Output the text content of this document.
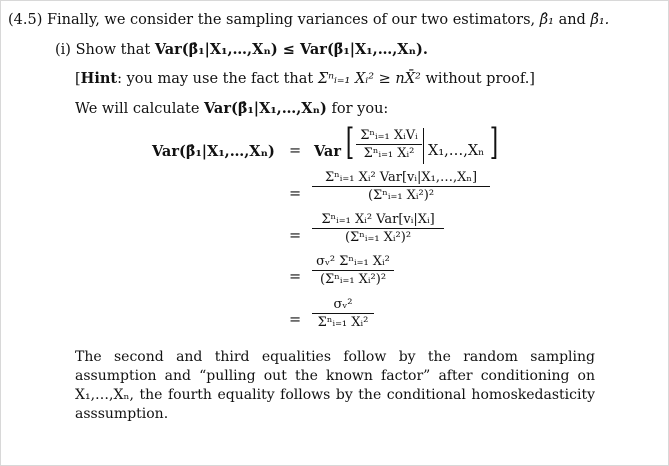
(4.5) Finally, we consider the sampling variances of our two estimators, β̂₁ and β̄₁.
(i) Show that Var(β̂₁|X₁,…,Xₙ) ≤ Var(β̄₁|X₁,…,Xₙ).
[Hint: you may use the fact that Σⁿᵢ₌₁ Xᵢ² ≥ nX̄² without proof.]
We will calculate Var(β̂₁|X₁,…,Xₙ) for you:
Var(β̂₁|X₁,…,Xₙ) = Var [ Σⁿᵢ₌₁ XᵢVᵢ
Σⁿᵢ₌₁ Xᵢ² X₁,…,Xₙ ]
=
Σⁿᵢ₌₁ Xᵢ² Var[vᵢ|X₁,…,Xₙ]
(Σⁿᵢ₌₁ Xᵢ²)²
=
Σⁿᵢ₌₁ Xᵢ² Var[vᵢ|Xᵢ]
(Σⁿᵢ₌₁ Xᵢ²)²
=
σᵥ² Σⁿᵢ₌₁ Xᵢ²
(Σⁿᵢ₌₁ Xᵢ²)²
=
σᵥ²
Σⁿᵢ₌₁ Xᵢ²
The second and third equalities follow by the random sampling assumption and “pulling out the known factor” after conditioning on X₁,…,Xₙ, the fourth equality follows by the conditional homoskedasticity asssumption.
